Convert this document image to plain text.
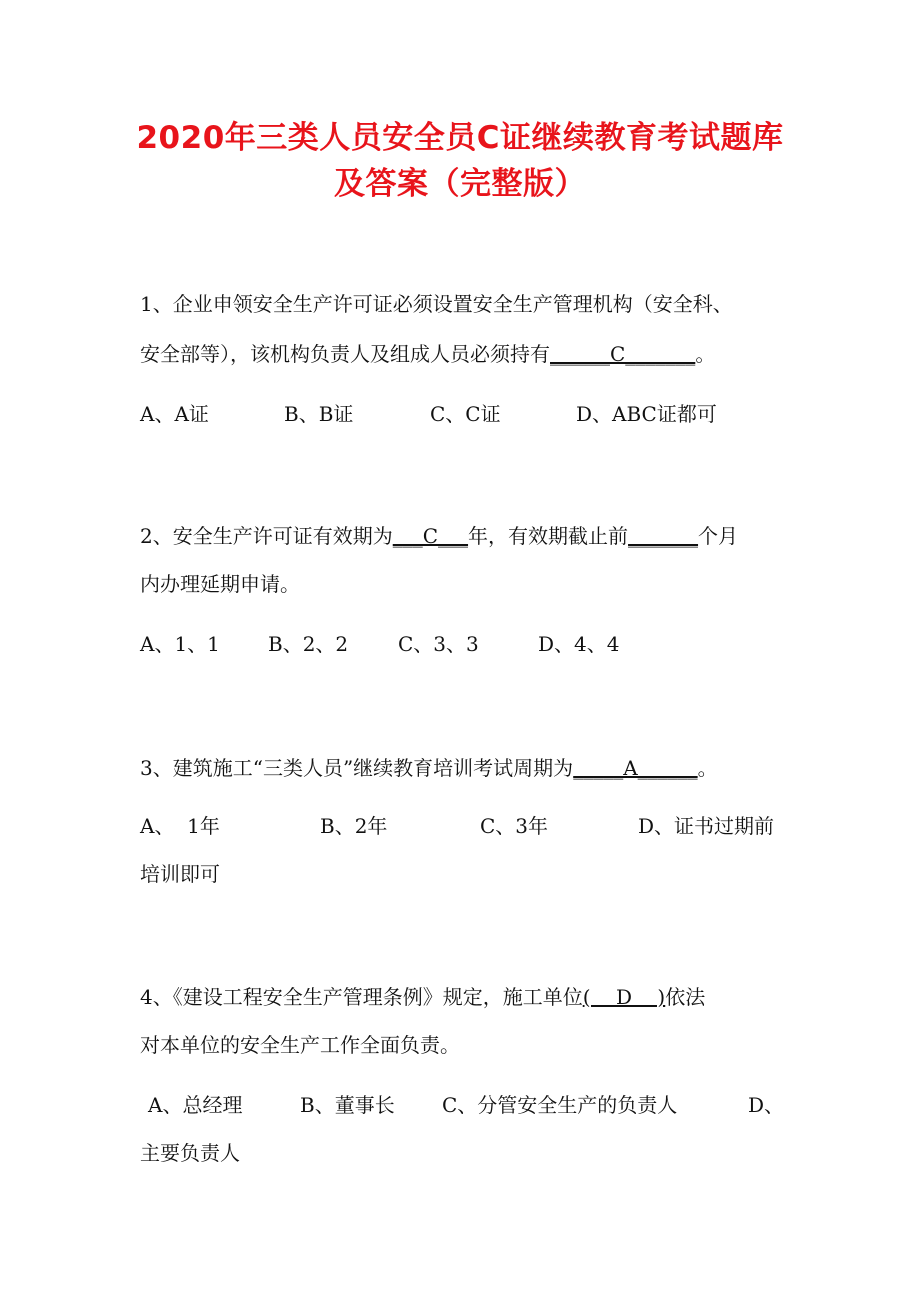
2020年三类人员安全员C证继续教育考试题库
及答案（完整版）
1、企业申领安全生产许可证必须设置安全生产管理机构（安全科、
安全部等），该机构负责人及组成人员必须持有______C_______。
A、A证	B、B证	C、C证	D、ABC证都可
2、安全生产许可证有效期为___C___年，有效期截止前_______个月
内办理延期申请。
A、1、1 B、2、2 C、3、3	D、4、4
3、建筑施工“三类人员”继续教育培训考试周期为_____A______。
A、  1年	B、2年	C、3年	D、证书过期前
培训即可
4、《建设工程安全生产管理条例》规定，施工单位(    D    )依法
对本单位的安全生产工作全面负责。
A、总经理	B、董事长 C、分管安全生产的负责人	D、
主要负责人
